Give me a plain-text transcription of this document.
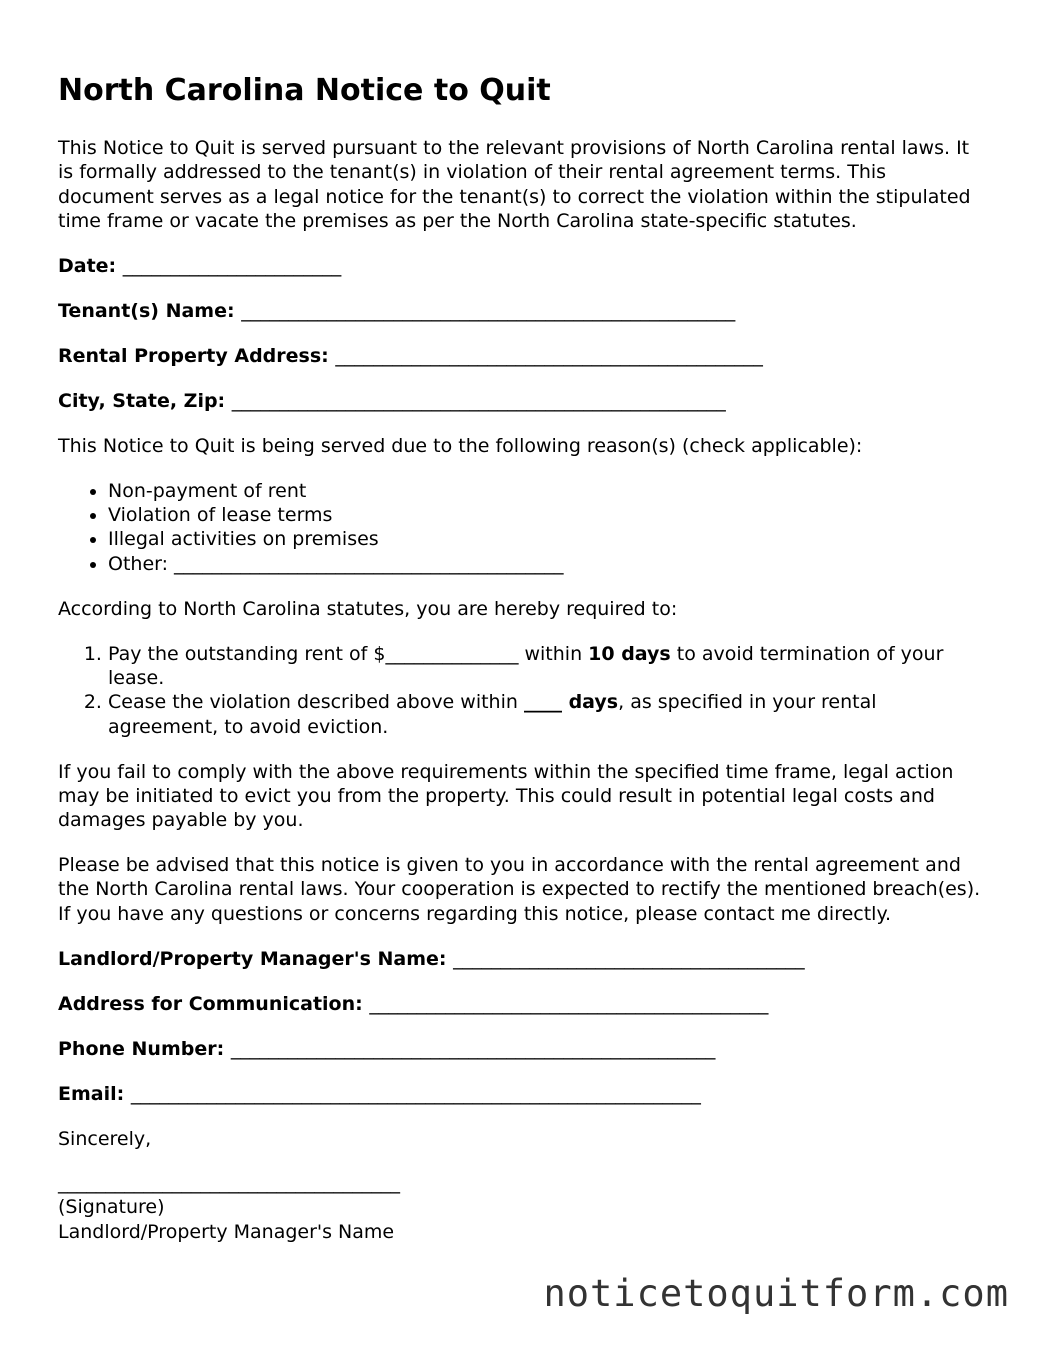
North Carolina Notice to Quit

This Notice to Quit is served pursuant to the relevant provisions of North Carolina rental laws. It is formally addressed to the tenant(s) in violation of their rental agreement terms. This document serves as a legal notice for the tenant(s) to correct the violation within the stipulated time frame or vacate the premises as per the North Carolina state-specific statutes.

Date: _______________________
Tenant(s) Name: ____________________________________________________
Rental Property Address: _____________________________________________
City, State, Zip: ____________________________________________________

This Notice to Quit is being served due to the following reason(s) (check applicable):

• Non-payment of rent
• Violation of lease terms
• Illegal activities on premises
• Other: _________________________________________

According to North Carolina statutes, you are hereby required to:

1. Pay the outstanding rent of $______________ within 10 days to avoid termination of your lease.
2. Cease the violation described above within ____ days, as specified in your rental agreement, to avoid eviction.

If you fail to comply with the above requirements within the specified time frame, legal action may be initiated to evict you from the property. This could result in potential legal costs and damages payable by you.

Please be advised that this notice is given to you in accordance with the rental agreement and the North Carolina rental laws. Your cooperation is expected to rectify the mentioned breach(es). If you have any questions or concerns regarding this notice, please contact me directly.

Landlord/Property Manager's Name: _____________________________________
Address for Communication: __________________________________________
Phone Number: ___________________________________________________
Email: ____________________________________________________________

Sincerely,

____________________________________
(Signature)
Landlord/Property Manager's Name
noticetoquitform.com
